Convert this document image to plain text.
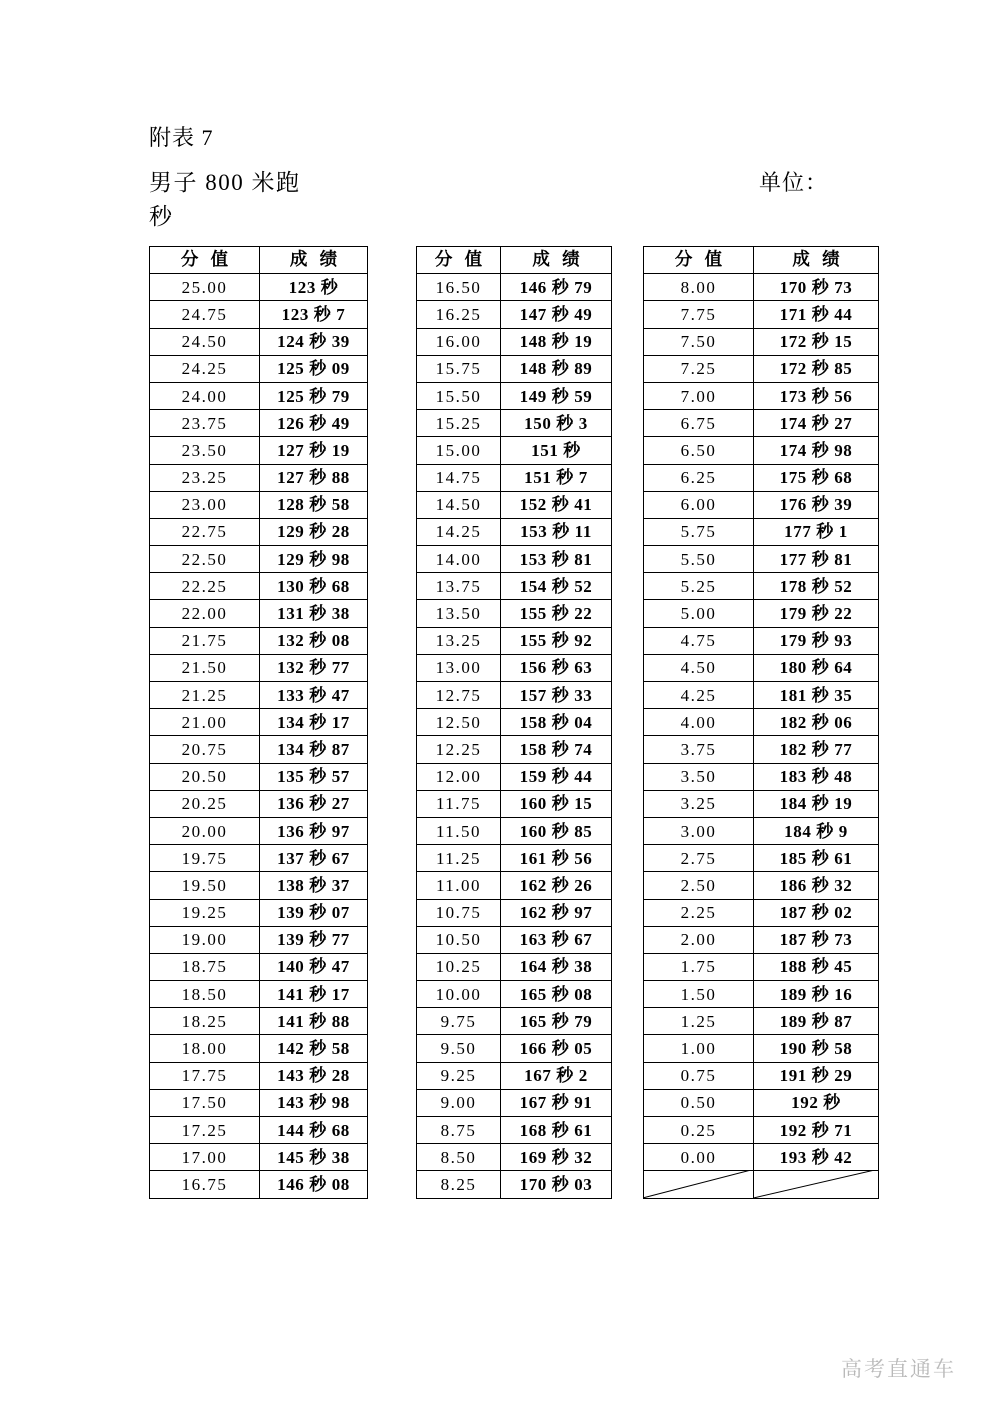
附表 7
男子 800 米跑	单位：
秒
分 值	成 绩
25.00	123 秒
24.75	123 秒 7
24.50	124 秒 39
24.25	125 秒 09
24.00	125 秒 79
23.75	126 秒 49
23.50	127 秒 19
23.25	127 秒 88
23.00	128 秒 58
22.75	129 秒 28
22.50	129 秒 98
22.25	130 秒 68
22.00	131 秒 38
21.75	132 秒 08
21.50	132 秒 77
21.25	133 秒 47
21.00	134 秒 17
20.75	134 秒 87
20.50	135 秒 57
20.25	136 秒 27
20.00	136 秒 97
19.75	137 秒 67
19.50	138 秒 37
19.25	139 秒 07
19.00	139 秒 77
18.75	140 秒 47
18.50	141 秒 17
18.25	141 秒 88
18.00	142 秒 58
17.75	143 秒 28
17.50	143 秒 98
17.25	144 秒 68
17.00	145 秒 38
16.75	146 秒 08
分 值	成 绩
16.50	146 秒 79
16.25	147 秒 49
16.00	148 秒 19
15.75	148 秒 89
15.50	149 秒 59
15.25	150 秒 3
15.00	151 秒
14.75	151 秒 7
14.50	152 秒 41
14.25	153 秒 11
14.00	153 秒 81
13.75	154 秒 52
13.50	155 秒 22
13.25	155 秒 92
13.00	156 秒 63
12.75	157 秒 33
12.50	158 秒 04
12.25	158 秒 74
12.00	159 秒 44
11.75	160 秒 15
11.50	160 秒 85
11.25	161 秒 56
11.00	162 秒 26
10.75	162 秒 97
10.50	163 秒 67
10.25	164 秒 38
10.00	165 秒 08
9.75	165 秒 79
9.50	166 秒 05
9.25	167 秒 2
9.00	167 秒 91
8.75	168 秒 61
8.50	169 秒 32
8.25	170 秒 03
分 值	成 绩
8.00	170 秒 73
7.75	171 秒 44
7.50	172 秒 15
7.25	172 秒 85
7.00	173 秒 56
6.75	174 秒 27
6.50	174 秒 98
6.25	175 秒 68
6.00	176 秒 39
5.75	177 秒 1
5.50	177 秒 81
5.25	178 秒 52
5.00	179 秒 22
4.75	179 秒 93
4.50	180 秒 64
4.25	181 秒 35
4.00	182 秒 06
3.75	182 秒 77
3.50	183 秒 48
3.25	184 秒 19
3.00	184 秒 9
2.75	185 秒 61
2.50	186 秒 32
2.25	187 秒 02
2.00	187 秒 73
1.75	188 秒 45
1.50	189 秒 16
1.25	189 秒 87
1.00	190 秒 58
0.75	191 秒 29
0.50	192 秒
0.25	192 秒 71
0.00	193 秒 42

高考直通车
